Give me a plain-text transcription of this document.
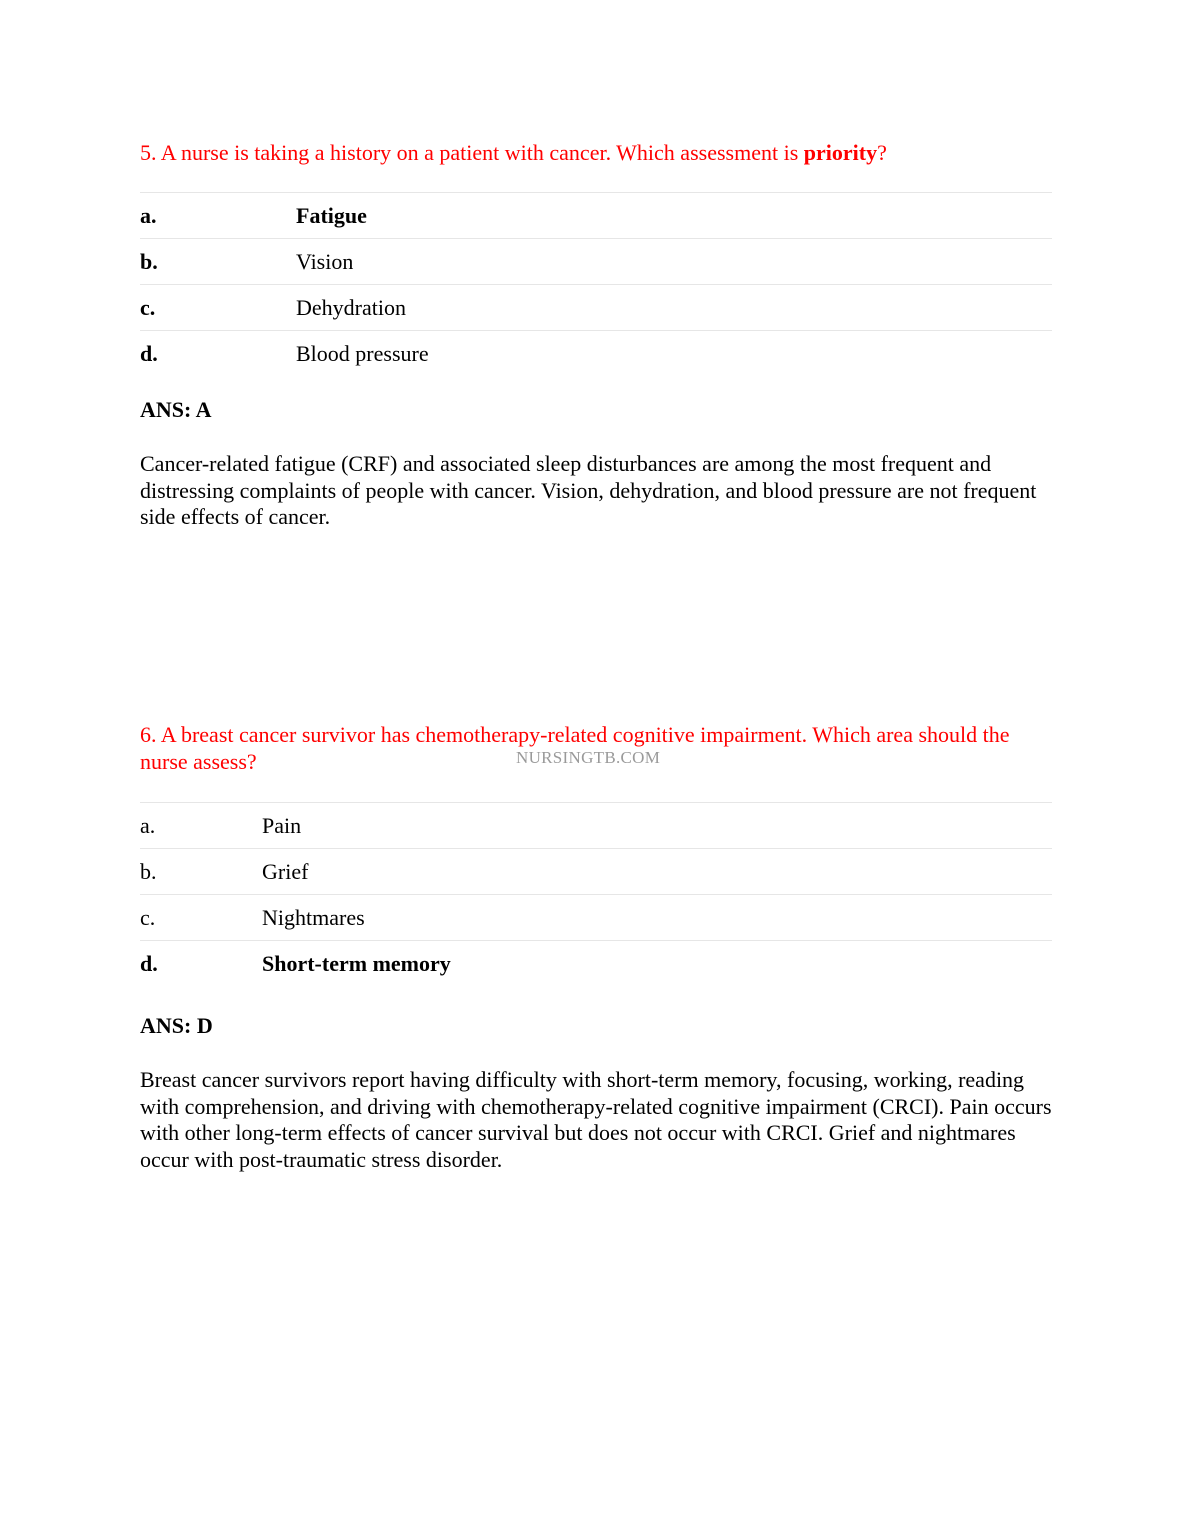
5. A nurse is taking a history on a patient with cancer. Which assessment is priority?
a.	Fatigue
b.	Vision
c.	Dehydration
d.	Blood pressure
ANS: A
Cancer-related fatigue (CRF) and associated sleep disturbances are among the most frequent and distressing complaints of people with cancer. Vision, dehydration, and blood pressure are not frequent side effects of cancer.
6. A breast cancer survivor has chemotherapy-related cognitive impairment. Which area should the nurse assess?	NURSINGTB.COM
a.	Pain
b.	Grief
c.	Nightmares
d.	Short-term memory
ANS: D
Breast cancer survivors report having difficulty with short-term memory, focusing, working, reading with comprehension, and driving with chemotherapy-related cognitive impairment (CRCI). Pain occurs with other long-term effects of cancer survival but does not occur with CRCI. Grief and nightmares occur with post-traumatic stress disorder.
